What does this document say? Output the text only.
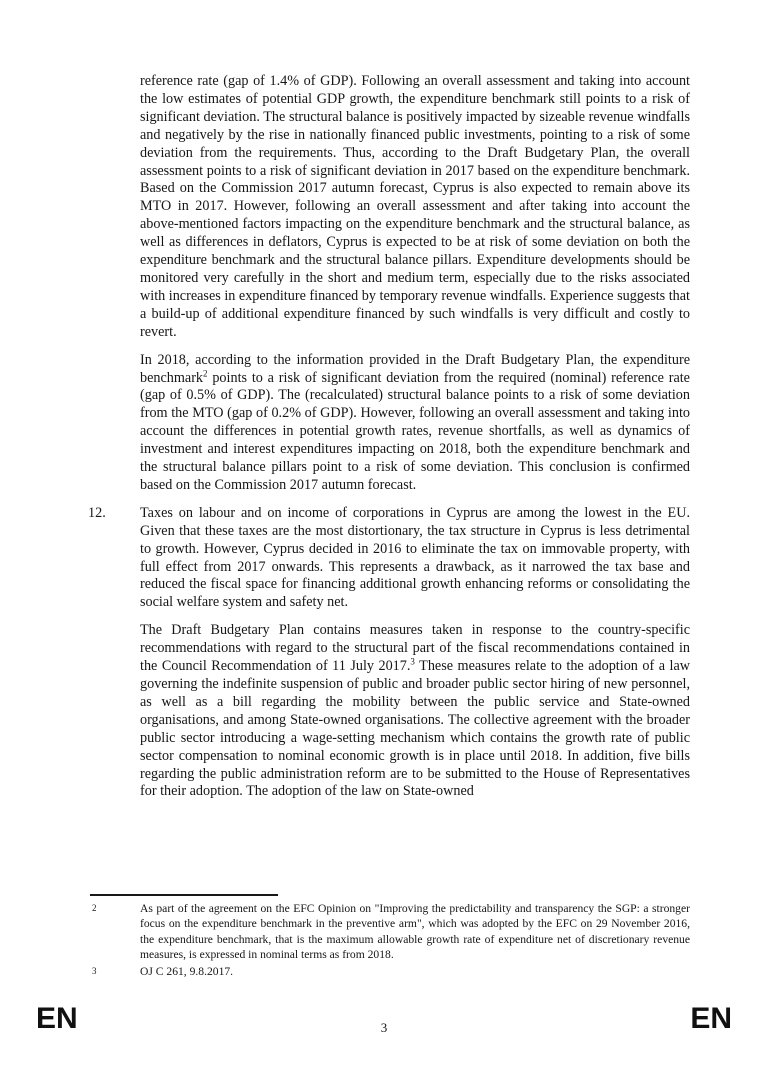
reference rate (gap of 1.4% of GDP). Following an overall assessment and taking into account the low estimates of potential GDP growth, the expenditure benchmark still points to a risk of significant deviation. The structural balance is positively impacted by sizeable revenue windfalls and negatively by the rise in nationally financed public investments, pointing to a risk of some deviation from the requirements. Thus, according to the Draft Budgetary Plan, the overall assessment points to a risk of significant deviation in 2017 based on the expenditure benchmark. Based on the Commission 2017 autumn forecast, Cyprus is also expected to remain above its MTO in 2017. However, following an overall assessment and after taking into account the above-mentioned factors impacting on the expenditure benchmark and the structural balance, as well as differences in deflators, Cyprus is expected to be at risk of some deviation on both the expenditure benchmark and the structural balance pillars. Expenditure developments should be monitored very carefully in the short and medium term, especially due to the risks associated with increases in expenditure financed by temporary revenue windfalls. Experience suggests that a build-up of additional expenditure financed by such windfalls is very difficult and costly to revert.

In 2018, according to the information provided in the Draft Budgetary Plan, the expenditure benchmark$^2$ points to a risk of significant deviation from the required (nominal) reference rate (gap of 0.5% of GDP). The (recalculated) structural balance points to a risk of some deviation from the MTO (gap of 0.2% of GDP). However, following an overall assessment and taking into account the differences in potential growth rates, revenue shortfalls, as well as dynamics of investment and interest expenditures impacting on 2018, both the expenditure benchmark and the structural balance pillars point to a risk of some deviation. This conclusion is confirmed based on the Commission 2017 autumn forecast.

12. Taxes on labour and on income of corporations in Cyprus are among the lowest in the EU. Given that these taxes are the most distortionary, the tax structure in Cyprus is less detrimental to growth. However, Cyprus decided in 2016 to eliminate the tax on immovable property, with full effect from 2017 onwards. This represents a drawback, as it narrowed the tax base and reduced the fiscal space for financing additional growth enhancing reforms or consolidating the social welfare system and safety net.

The Draft Budgetary Plan contains measures taken in response to the country-specific recommendations with regard to the structural part of the fiscal recommendations contained in the Council Recommendation of 11 July 2017.$^3$ These measures relate to the adoption of a law governing the indefinite suspension of public and broader public sector hiring of new personnel, as well as a bill regarding the mobility between the public service and State-owned organisations, and among State-owned organisations. The collective agreement with the broader public sector introducing a wage-setting mechanism which contains the growth rate of public sector compensation to nominal economic growth is in place until 2018. In addition, five bills regarding the public administration reform are to be submitted to the House of Representatives for their adoption. The adoption of the law on State-owned

2	As part of the agreement on the EFC Opinion on "Improving the predictability and transparency the SGP: a stronger focus on the expenditure benchmark in the preventive arm", which was adopted by the EFC on 29 November 2016, the expenditure benchmark, that is the maximum allowable growth rate of expenditure net of discretionary revenue measures, is expressed in nominal terms as from 2018.

3	OJ C 261, 9.8.2017.

EN	3	EN
